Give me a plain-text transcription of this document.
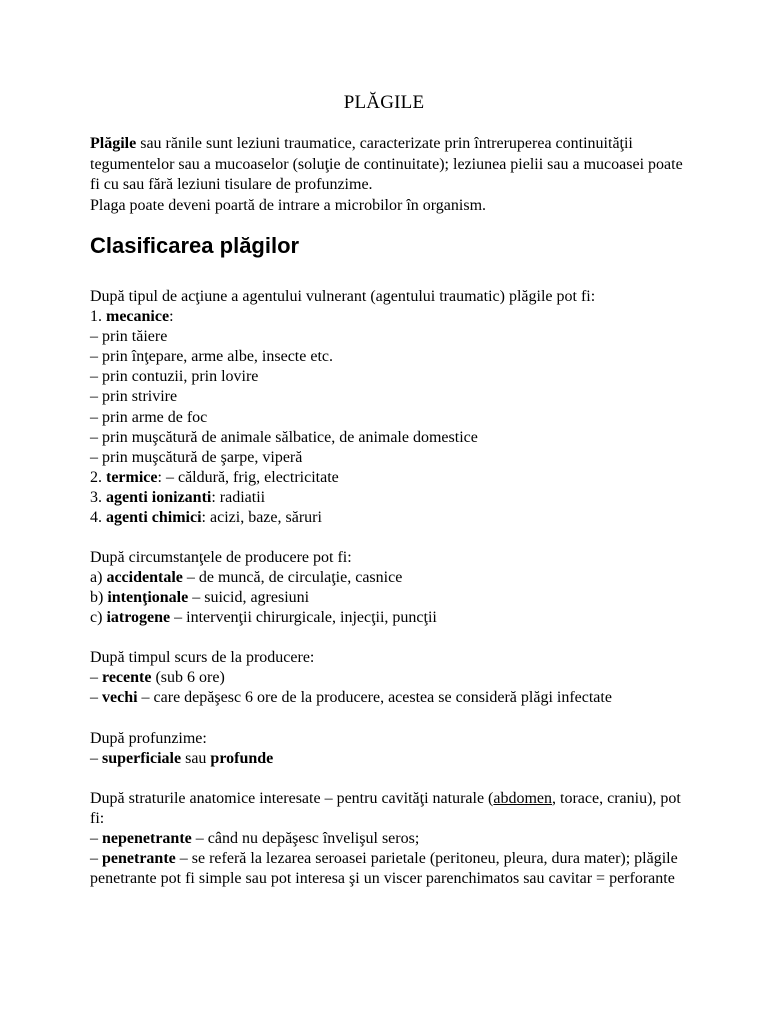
PLĂGILE

Plăgile sau rănile sunt leziuni traumatice, caracterizate prin întreruperea continuităţii tegumentelor sau a mucoaselor (soluţie de continuitate); leziunea pielii sau a mucoasei poate fi cu sau fără leziuni tisulare de profunzime.

Plaga poate deveni poartă de intrare a microbilor în organism.

Clasificarea plăgilor
După tipul de acţiune a agentului vulnerant (agentului traumatic) plăgile pot fi:
1. mecanice:
– prin tăiere
– prin înţepare, arme albe, insecte etc.
– prin contuzii, prin lovire
– prin strivire
– prin arme de foc
– prin muşcătură de animale sălbatice, de animale domestice
– prin muşcătură de şarpe, viperă
2. termice: – căldură, frig, electricitate
3. agenti ionizanti: radiatii
4. agenti chimici: acizi, baze, săruri
După circumstanţele de producere pot fi:
a) accidentale – de muncă, de circulaţie, casnice
b) intenţionale – suicid, agresiuni
c) iatrogene – intervenţii chirurgicale, injecţii, puncţii
După timpul scurs de la producere:
– recente (sub 6 ore)
– vechi – care depăşesc 6 ore de la producere, acestea se consideră plăgi infectate
După profunzime:
– superficiale sau profunde
După straturile anatomice interesate – pentru cavităţi naturale (abdomen, torace, craniu), pot fi:
– nepenetrante – când nu depăşesc învelişul seros;
– penetrante – se referă la lezarea seroasei parietale (peritoneu, pleura, dura mater); plăgile penetrante pot fi simple sau pot interesa şi un viscer parenchimatos sau cavitar = perforante
